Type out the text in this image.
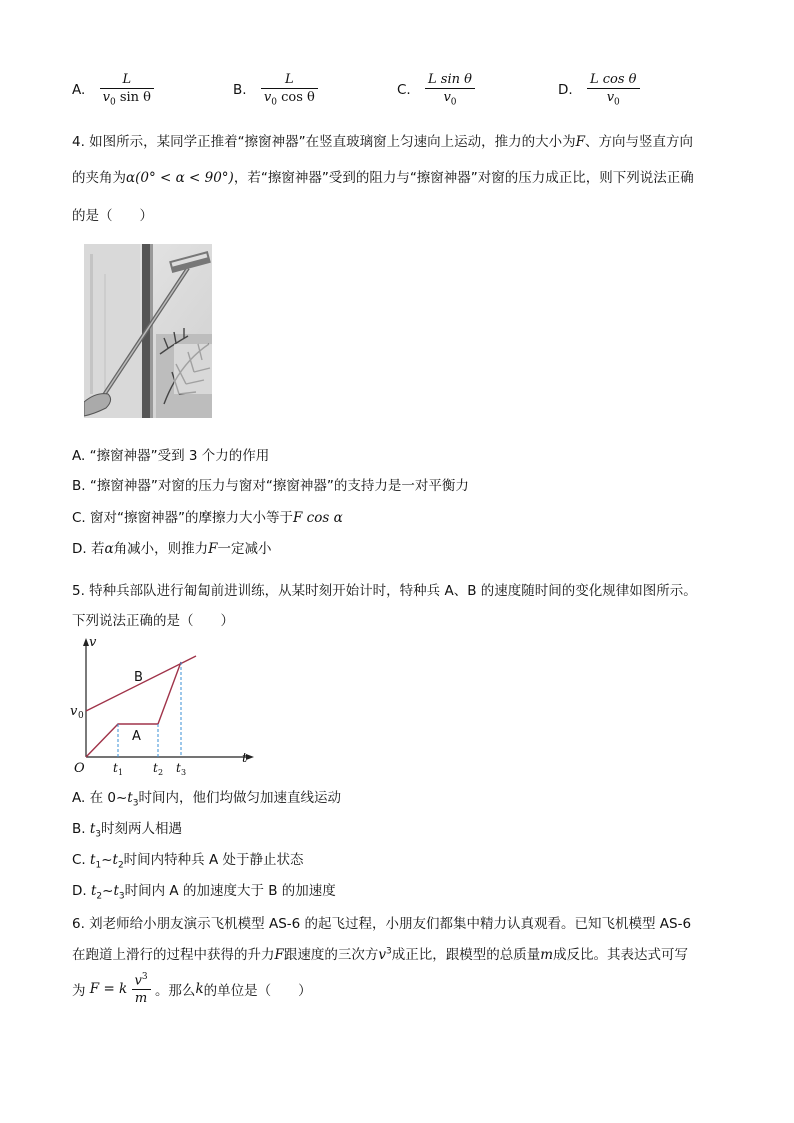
A. $\frac{L}{v_0 \sin \theta}$	B. $\frac{L}{v_0 \cos \theta}$	C. $\frac{\text{L sin θ}}{v_0}$	D. $\frac{\text{L cos θ}}{v_0}$
4. 如图所示，某同学正推着“擦窗神器”在竖直玻璃窗上匀速向上运动，推力的大小为F、方向与竖直方向
的夹角为α(0° < α < 90°)，若“擦窗神器”受到的阻力与“擦窗神器”对窗的压力成正比，则下列说法正确
的是（　　）
A. “擦窗神器”受到 3 个力的作用
B. “擦窗神器”对窗的压力与窗对“擦窗神器”的支持力是一对平衡力
C. 窗对“擦窗神器”的摩擦力大小等于F cos α
D. 若α角减小，则推力F一定减小
5. 特种兵部队进行匍匐前进训练，从某时刻开始计时，特种兵 A、B 的速度随时间的变化规律如图所示。
下列说法正确的是（　　）
v
t
O
v 0
B
A
t 1 t 2 t 3
A. 在 $0\sim t_3$时间内，他们均做匀加速直线运动
B. $t_3$时刻两人相遇
C. $t_1\sim t_2$时间内特种兵 A 处于静止状态
D. $t_2\sim t_3$时间内 A 的加速度大于 B 的加速度
6. 刘老师给小朋友演示飞机模型 AS-6 的起飞过程，小朋友们都集中精力认真观看。已知飞机模型 AS-6
在跑道上滑行的过程中获得的升力F跟速度的三次方$v^3$成正比，跟模型的总质量m成反比。其表达式可写
为 F = k $\frac{v^3}{m}$ 。那么k的单位是（　　）
